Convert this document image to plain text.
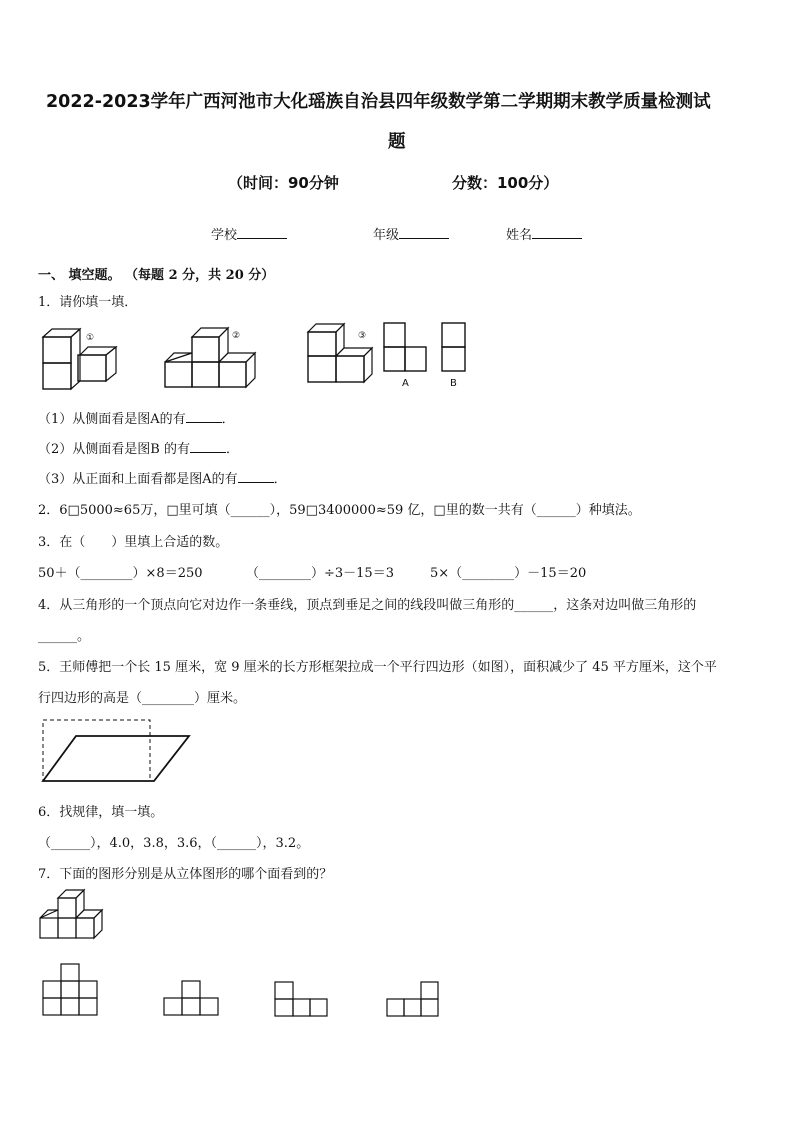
2022-2023学年广西河池市大化瑶族自治县四年级数学第二学期期末教学质量检测试
题
（时间：90分钟	分数：100分）
学校	年级	姓名
一、 填空题。 （每题 2 分，共 20 分）
1．请你填一填．
①	②	③
A	B
（1）从侧面看是图A的有	．
（2）从侧面看是图B 的有	．
（3）从正面和上面看都是图A的有	．
2．6□5000≈65万，□里可填（______），59□3400000≈59 亿，□里的数一共有（______）种填法。
3．在（　　）里填上合适的数。
50＋（________）×8＝250	（________）÷3－15＝3	5×（________）－15＝20
4．从三角形的一个顶点向它对边作一条垂线，顶点到垂足之间的线段叫做三角形的______，这条对边叫做三角形的
______。
5．王师傅把一个长 15 厘米，宽 9 厘米的长方形框架拉成一个平行四边形（如图），面积减少了 45 平方厘米，这个平
行四边形的高是（________）厘米。
6．找规律，填一填。
（______），4.0，3.8，3.6，（______），3.2。
7．下面的图形分别是从立体图形的哪个面看到的？
